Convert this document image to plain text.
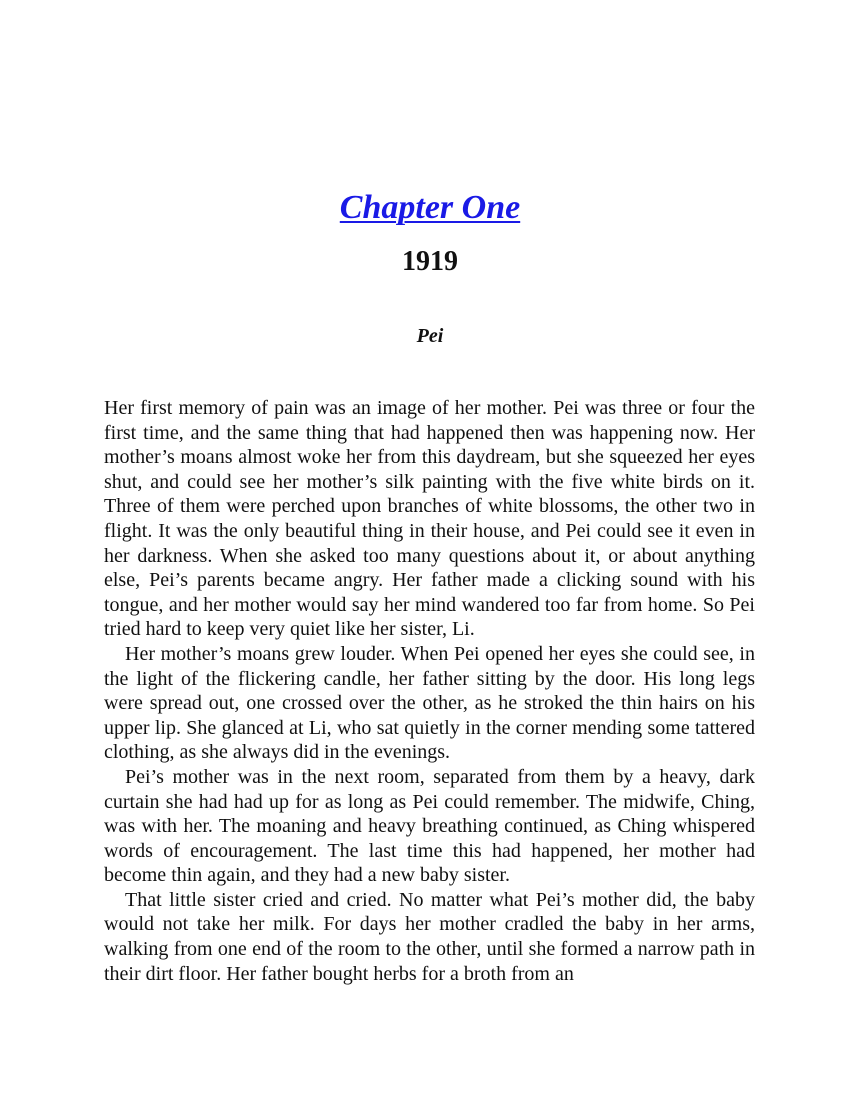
Chapter One
1919
Pei

Her first memory of pain was an image of her mother. Pei was three or four the first time, and the same thing that had happened then was happening now. Her mother’s moans almost woke her from this daydream, but she squeezed her eyes shut, and could see her mother’s silk painting with the five white birds on it. Three of them were perched upon branches of white blossoms, the other two in flight. It was the only beautiful thing in their house, and Pei could see it even in her darkness. When she asked too many questions about it, or about anything else, Pei’s parents became angry. Her father made a clicking sound with his tongue, and her mother would say her mind wandered too far from home. So Pei tried hard to keep very quiet like her sister, Li.

Her mother’s moans grew louder. When Pei opened her eyes she could see, in the light of the flickering candle, her father sitting by the door. His long legs were spread out, one crossed over the other, as he stroked the thin hairs on his upper lip. She glanced at Li, who sat quietly in the corner mending some tattered clothing, as she always did in the evenings.

Pei’s mother was in the next room, separated from them by a heavy, dark curtain she had had up for as long as Pei could remember. The midwife, Ching, was with her. The moaning and heavy breathing continued, as Ching whispered words of encouragement. The last time this had happened, her mother had become thin again, and they had a new baby sister.

That little sister cried and cried. No matter what Pei’s mother did, the baby would not take her milk. For days her mother cradled the baby in her arms, walking from one end of the room to the other, until she formed a narrow path in their dirt floor. Her father bought herbs for a broth from an
